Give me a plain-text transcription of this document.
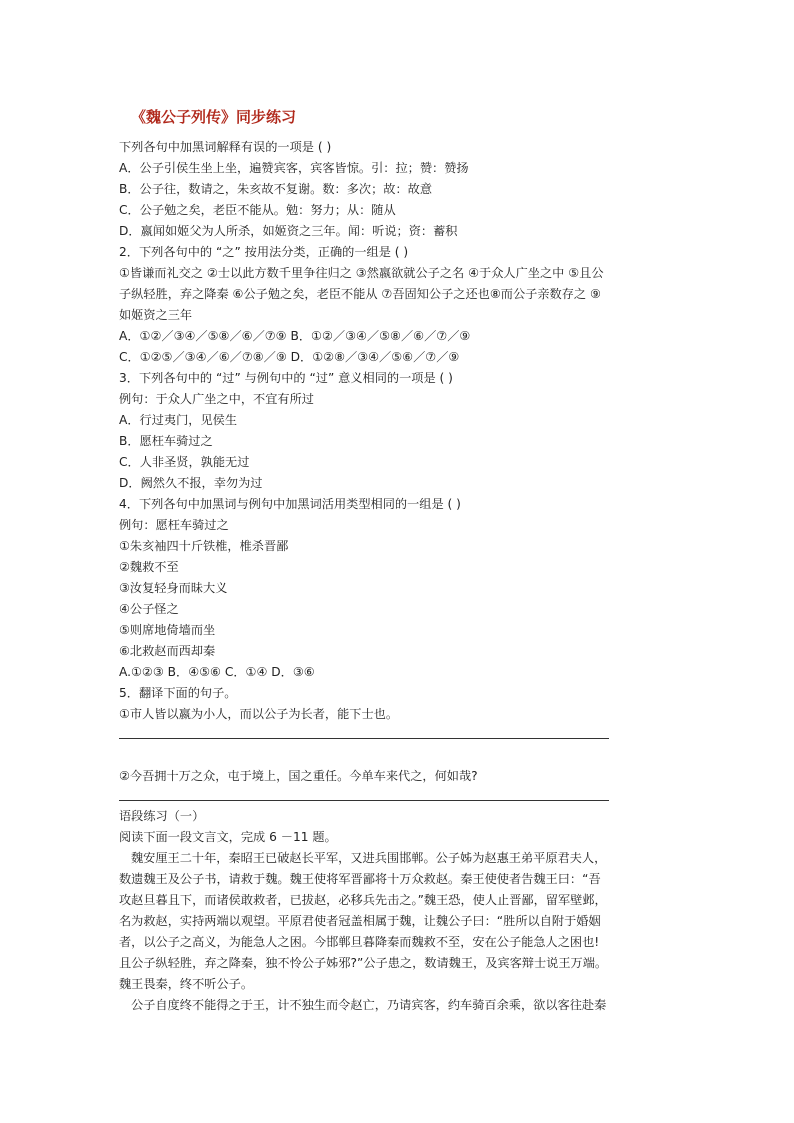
《魏公子列传》同步练习
下列各句中加黑词解释有误的一项是 ( )
A．公子引侯生坐上坐，遍赞宾客，宾客皆惊。引：拉；赞：赞扬
B．公子往，数请之，朱亥故不复谢。数：多次；故：故意
C．公子勉之矣，老臣不能从。勉：努力；从：随从
D．嬴闻如姬父为人所杀，如姬资之三年。闻：听说；资：蓄积
2．下列各句中的 “之” 按用法分类，正确的一组是 ( )
①皆谦而礼交之 ②士以此方数千里争往归之 ③然嬴欲就公子之名 ④于众人广坐之中 ⑤且公
子纵轻胜，弃之降秦 ⑥公子勉之矣，老臣不能从 ⑦吾固知公子之还也⑧而公子亲数存之 ⑨
如姬资之三年
A．①②／③④／⑤⑧／⑥／⑦⑨ B．①②／③④／⑤⑧／⑥／⑦／⑨
C．①②⑤／③④／⑥／⑦⑧／⑨ D．①②⑧／③④／⑤⑥／⑦／⑨
3．下列各句中的 “过” 与例句中的 “过” 意义相同的一项是 ( )
例句：于众人广坐之中，不宜有所过
A．行过夷门，见侯生
B．愿枉车骑过之
C．人非圣贤，孰能无过
D．阙然久不报，幸勿为过
4．下列各句中加黑词与例句中加黑词活用类型相同的一组是 ( )
例句：愿枉车骑过之
①朱亥袖四十斤铁椎，椎杀晋鄙
②魏救不至
③汝复轻身而昧大义
④公子怪之
⑤则席地倚墙而坐
⑥北救赵而西却秦
A.①②③ B．④⑤⑥ C．①④ D．③⑥
5．翻译下面的句子。
①市人皆以嬴为小人，而以公子为长者，能下士也。
②今吾拥十万之众，屯于境上，国之重任。今单车来代之，何如哉?
语段练习（一）
阅读下面一段文言文，完成 6 －11 题。
魏安厘王二十年，秦昭王已破赵长平军，又进兵围邯郸。公子姊为赵惠王弟平原君夫人，
数遗魏王及公子书，请救于魏。魏王使将军晋鄙将十万众救赵。秦王使使者告魏王曰：“吾
攻赵旦暮且下，而诸侯敢救者，已拔赵，必移兵先击之。”魏王恐，使人止晋鄙，留军壁邺，
名为救赵，实持两端以观望。平原君使者冠盖相属于魏，让魏公子曰：“胜所以自附于婚姻
者，以公子之高义，为能急人之困。今邯郸旦暮降秦而魏救不至，安在公子能急人之困也!
且公子纵轻胜，弃之降秦，独不怜公子姊邪?”公子患之，数请魏王，及宾客辩士说王万端。
魏王畏秦，终不听公子。
公子自度终不能得之于王，计不独生而令赵亡，乃请宾客，约车骑百余乘，欲以客往赴秦
